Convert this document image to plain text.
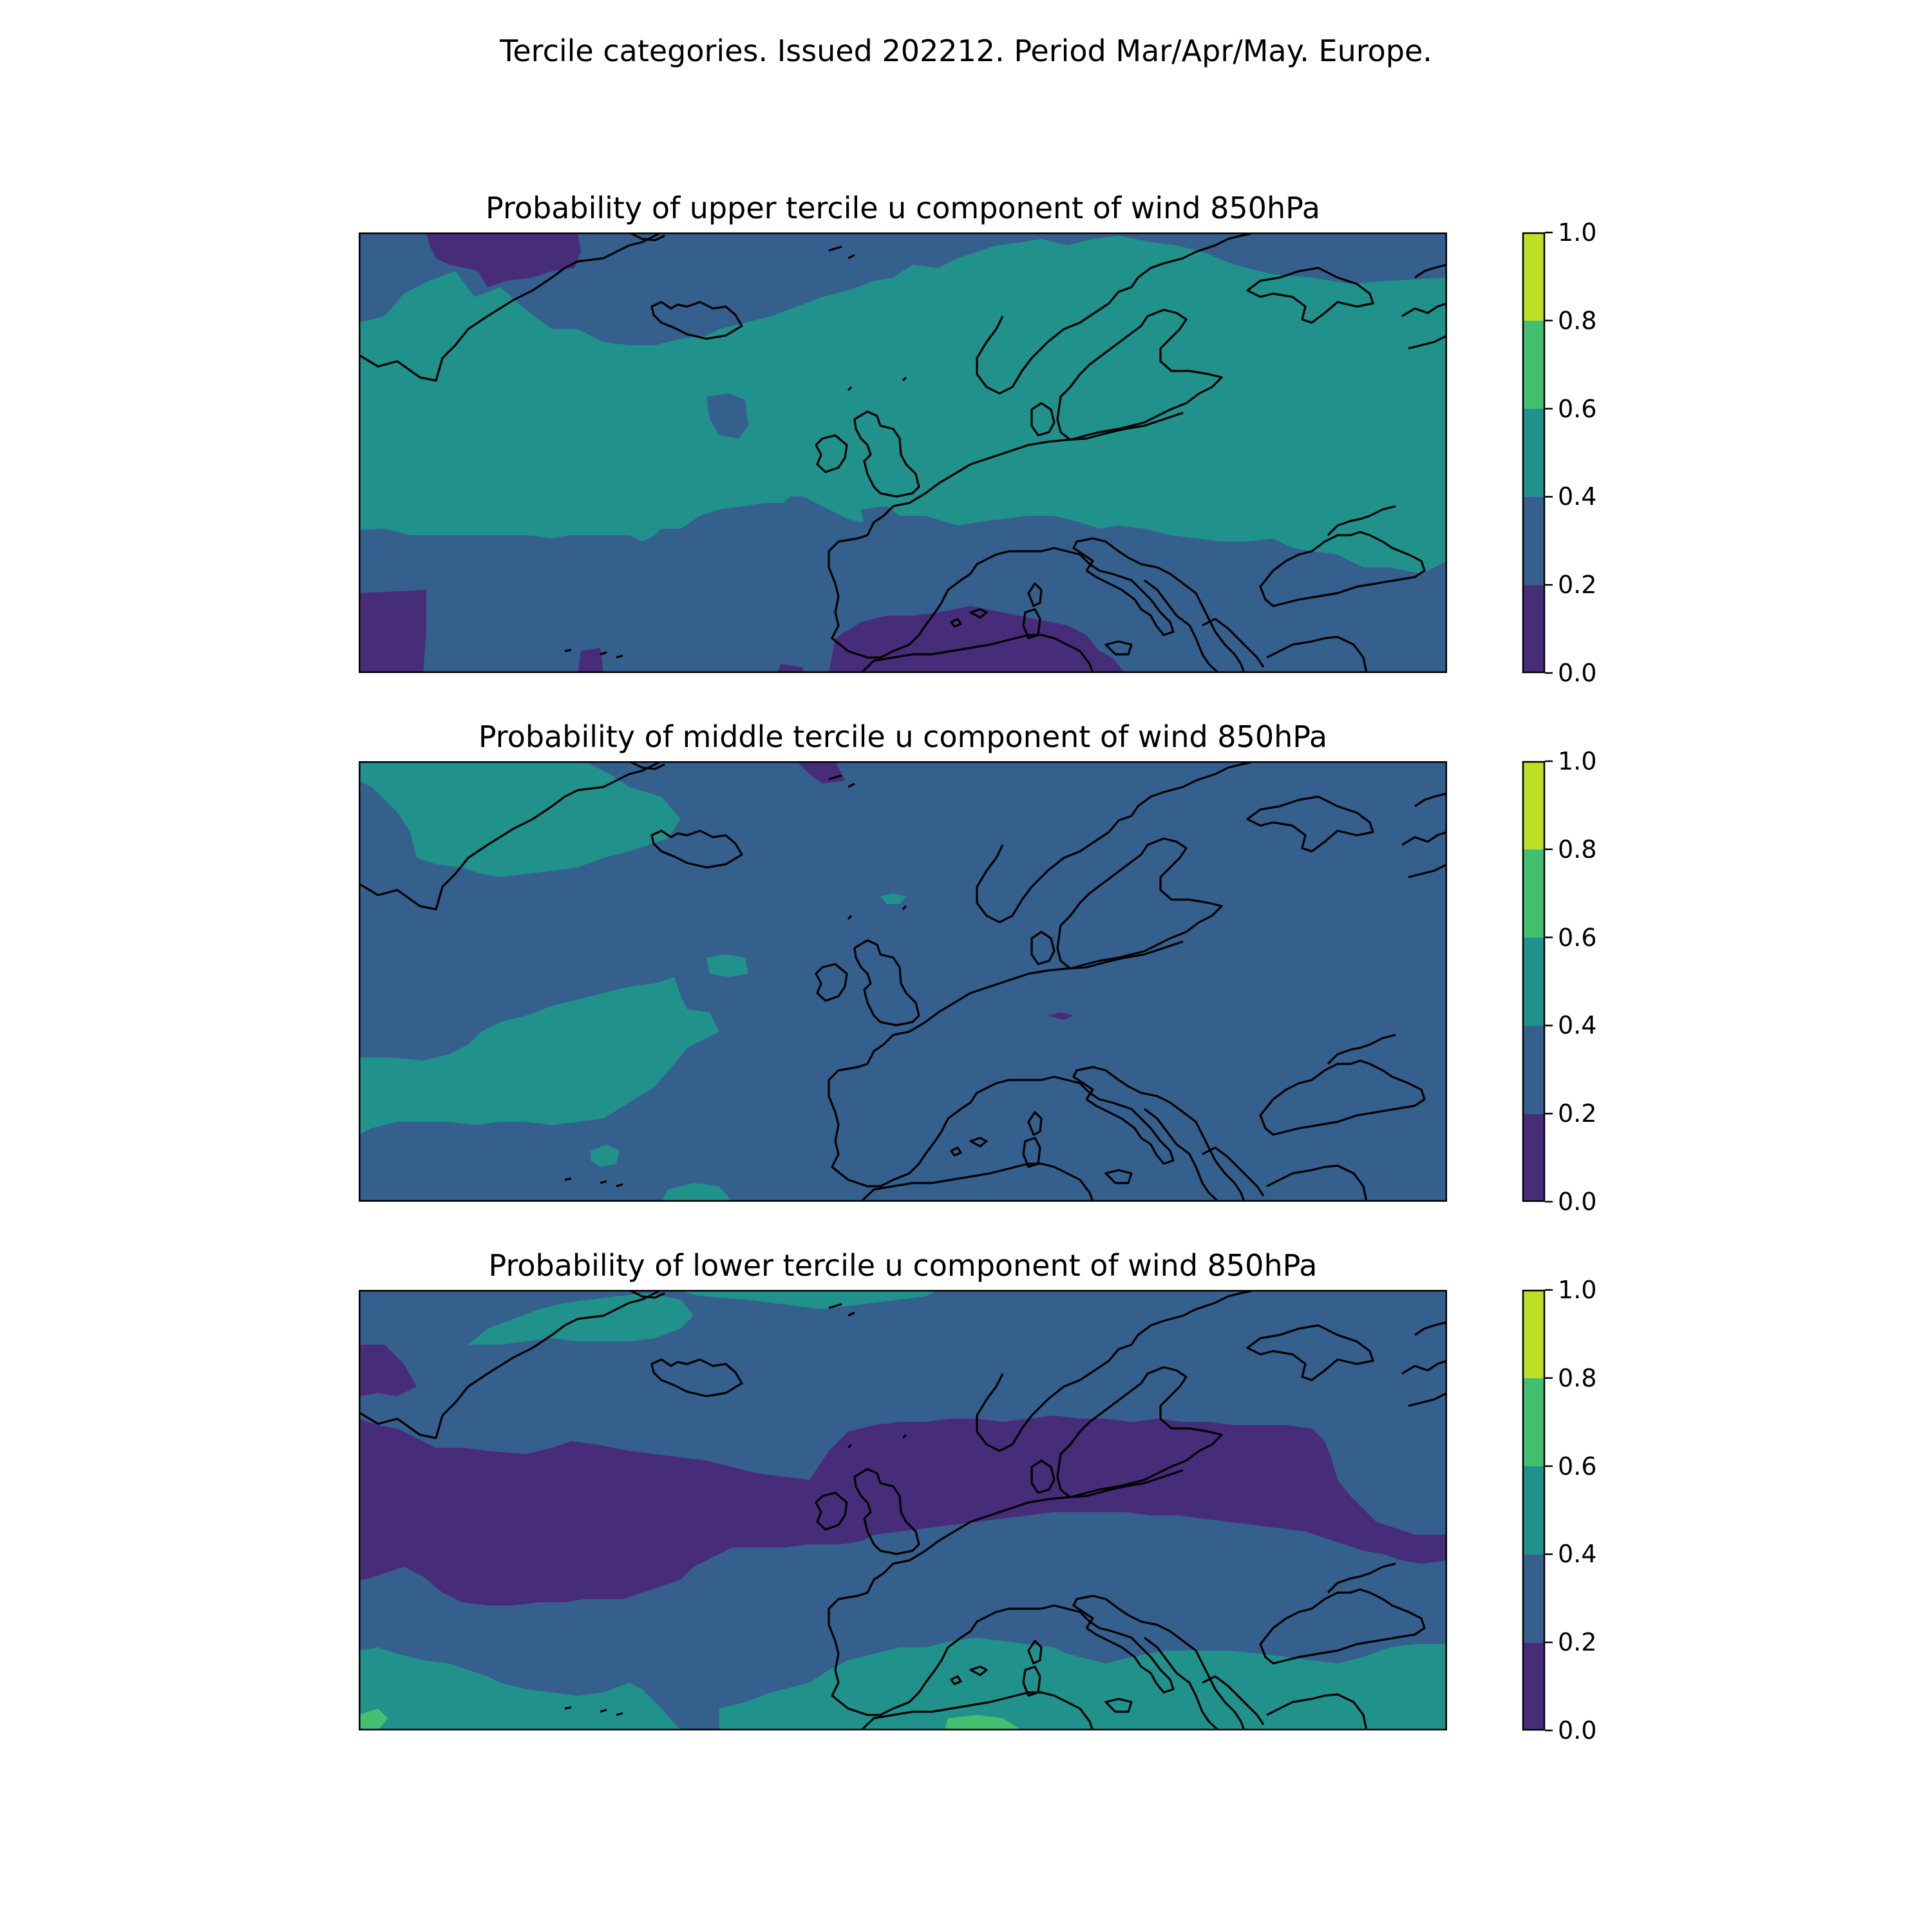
Tercile categories. Issued 202212. Period Mar/Apr/May. Europe.
Probability of upper tercile u component of wind 850hPa
Probability of middle tercile u component of wind 850hPa
Probability of lower tercile u component of wind 850hPa
0.0
0.2
0.4
0.6
0.8
1.0
0.0
0.2
0.4
0.6
0.8
1.0
0.0
0.2
0.4
0.6
0.8
1.0
